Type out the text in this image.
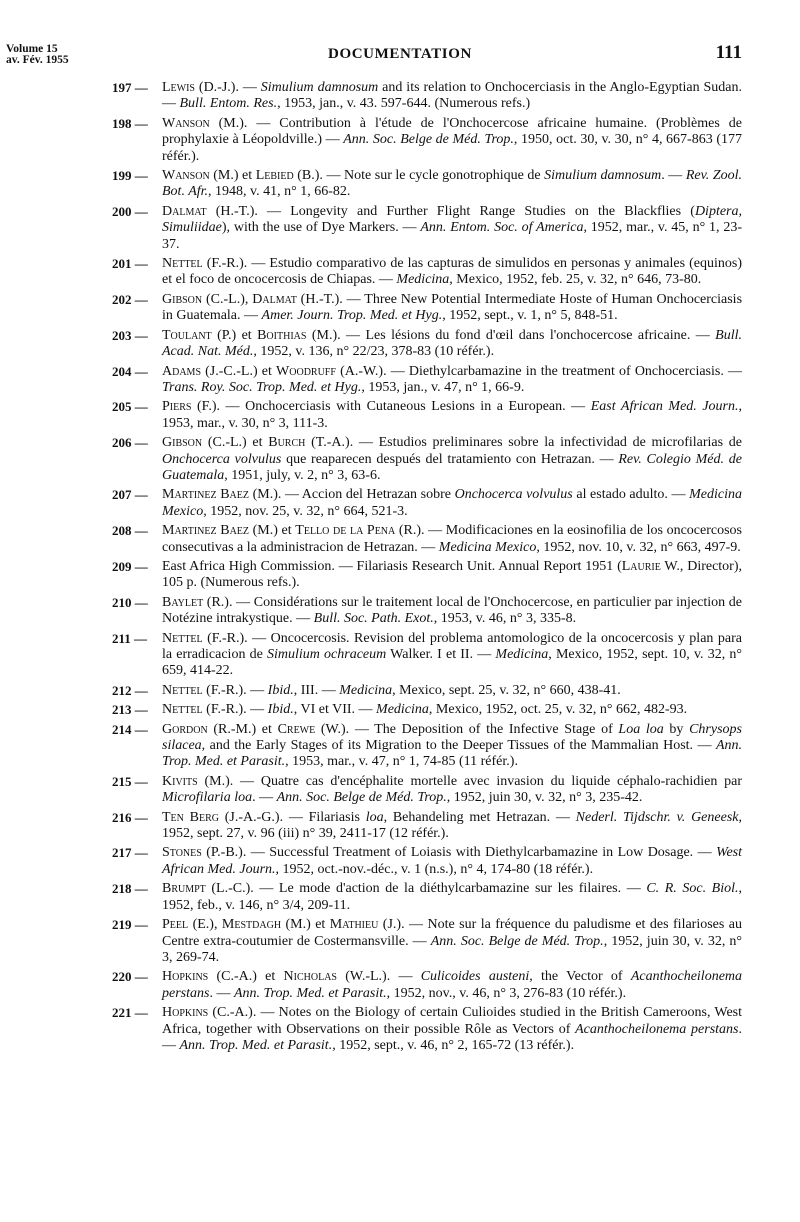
Volume 15
av. Fév. 1955	DOCUMENTATION	111
197 — Lewis (D.-J.). — Simulium damnosum and its relation to Onchocerciasis in the Anglo-Egyptian Sudan. — Bull. Entom. Res., 1953, jan., v. 43. 597-644. (Numerous refs.)
198 — Wanson (M.). — Contribution à l'étude de l'Onchocercose africaine humaine. (Problèmes de prophylaxie à Léopoldville.) — Ann. Soc. Belge de Méd. Trop., 1950, oct. 30, v. 30, n° 4, 667-863 (177 référ.).
199 — Wanson (M.) et Lebied (B.). — Note sur le cycle gonotrophique de Simulium damnosum. — Rev. Zool. Bot. Afr., 1948, v. 41, n° 1, 66-82.
200 — Dalmat (H.-T.). — Longevity and Further Flight Range Studies on the Blackflies (Diptera, Simuliidae), with the use of Dye Markers. — Ann. Entom. Soc. of America, 1952, mar., v. 45, n° 1, 23-37.
201 — Nettel (F.-R.). — Estudio comparativo de las capturas de simulidos en personas y animales (equinos) et el foco de oncocercosis de Chiapas. — Medicina, Mexico, 1952, feb. 25, v. 32, n° 646, 73-80.
202 — Gibson (C.-L.), Dalmat (H.-T.). — Three New Potential Intermediate Hoste of Human Onchocerciasis in Guatemala. — Amer. Journ. Trop. Med. et Hyg., 1952, sept., v. 1, n° 5, 848-51.
203 — Toulant (P.) et Boithias (M.). — Les lésions du fond d'œil dans l'onchocercose africaine. — Bull. Acad. Nat. Méd., 1952, v. 136, n° 22/23, 378-83 (10 référ.).
204 — Adams (J.-C.-L.) et Woodruff (A.-W.). — Diethylcarbamazine in the treatment of Onchocerciasis. — Trans. Roy. Soc. Trop. Med. et Hyg., 1953, jan., v. 47, n° 1, 66-9.
205 — Piers (F.). — Onchocerciasis with Cutaneous Lesions in a European. — East African Med. Journ., 1953, mar., v. 30, n° 3, 111-3.
206 — Gibson (C.-L.) et Burch (T.-A.). — Estudios preliminares sobre la infectividad de microfilarias de Onchocerca volvulus que reaparecen después del tratamiento con Hetrazan. — Rev. Colegio Méd. de Guatemala, 1951, july, v. 2, n° 3, 63-6.
207 — Martinez Baez (M.). — Accion del Hetrazan sobre Onchocerca volvulus al estado adulto. — Medicina Mexico, 1952, nov. 25, v. 32, n° 664, 521-3.
208 — Martinez Baez (M.) et Tello de la Pena (R.). — Modificaciones en la eosinofilia de los oncocercosos consecutivas a la administracion de Hetrazan. — Medicina Mexico, 1952, nov. 10, v. 32, n° 663, 497-9.
209 — East Africa High Commission. — Filariasis Research Unit. Annual Report 1951 (Laurie W., Director), 105 p. (Numerous refs.).
210 — Baylet (R.). — Considérations sur le traitement local de l'Onchocercose, en particulier par injection de Notézine intrakystique. — Bull. Soc. Path. Exot., 1953, v. 46, n° 3, 335-8.
211 — Nettel (F.-R.). — Oncocercosis. Revision del problema antomologico de la oncocercosis y plan para la erradicacion de Simulium ochraceum Walker. I et II. — Medicina, Mexico, 1952, sept. 10, v. 32, n° 659, 414-22.
212 — Nettel (F.-R.). — Ibid., III. — Medicina, Mexico, sept. 25, v. 32, n° 660, 438-41.
213 — Nettel (F.-R.). — Ibid., VI et VII. — Medicina, Mexico, 1952, oct. 25, v. 32, n° 662, 482-93.
214 — Gordon (R.-M.) et Crewe (W.). — The Deposition of the Infective Stage of Loa loa by Chrysops silacea, and the Early Stages of its Migration to the Deeper Tissues of the Mammalian Host. — Ann. Trop. Med. et Parasit., 1953, mar., v. 47, n° 1, 74-85 (11 référ.).
215 — Kivits (M.). — Quatre cas d'encéphalite mortelle avec invasion du liquide céphalo-rachidien par Microfilaria loa. — Ann. Soc. Belge de Méd. Trop., 1952, juin 30, v. 32, n° 3, 235-42.
216 — Ten Berg (J.-A.-G.). — Filariasis loa, Behandeling met Hetrazan. — Nederl. Tijdschr. v. Geneesk, 1952, sept. 27, v. 96 (iii) n° 39, 2411-17 (12 référ.).
217 — Stones (P.-B.). — Successful Treatment of Loiasis with Diethylcarbamazine in Low Dosage. — West African Med. Journ., 1952, oct.-nov.-déc., v. 1 (n.s.), n° 4, 174-80 (18 référ.).
218 — Brumpt (L.-C.). — Le mode d'action de la diéthylcarbamazine sur les filaires. — C. R. Soc. Biol., 1952, feb., v. 146, n° 3/4, 209-11.
219 — Peel (E.), Mestdagh (M.) et Mathieu (J.). — Note sur la fréquence du paludisme et des filarioses au Centre extra-coutumier de Costermansville. — Ann. Soc. Belge de Méd. Trop., 1952, juin 30, v. 32, n° 3, 269-74.
220 — Hopkins (C.-A.) et Nicholas (W.-L.). — Culicoides austeni, the Vector of Acanthocheilonema perstans. — Ann. Trop. Med. et Parasit., 1952, nov., v. 46, n° 3, 276-83 (10 référ.).
221 — Hopkins (C.-A.). — Notes on the Biology of certain Culioides studied in the British Cameroons, West Africa, together with Observations on their possible Rôle as Vectors of Acanthocheilonema perstans. — Ann. Trop. Med. et Parasit., 1952, sept., v. 46, n° 2, 165-72 (13 référ.).
